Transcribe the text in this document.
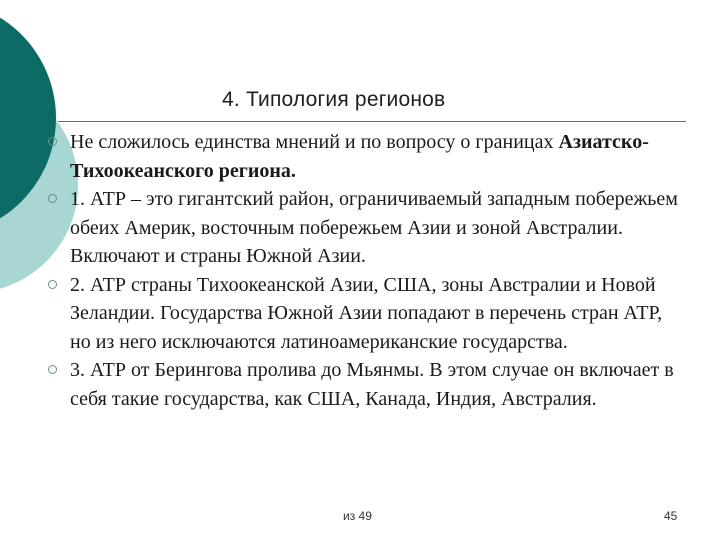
4. Типология регионов
Не сложилось единства мнений и по вопросу о границах Азиатско-Тихоокеанского региона.
1. АТР – это гигантский район, ограничиваемый западным побережьем обеих Америк, восточным побережьем Азии и зоной Австралии. Включают и страны Южной Азии.
2. АТР страны Тихоокеанской Азии, США, зоны Австралии и Новой Зеландии. Государства Южной Азии попадают в перечень стран АТР, но из него исключаются латиноамериканские государства.
3. АТР от Берингова пролива до Мьянмы. В этом случае он включает в себя такие государства, как США, Канада, Индия, Австралия.
из 49	45
